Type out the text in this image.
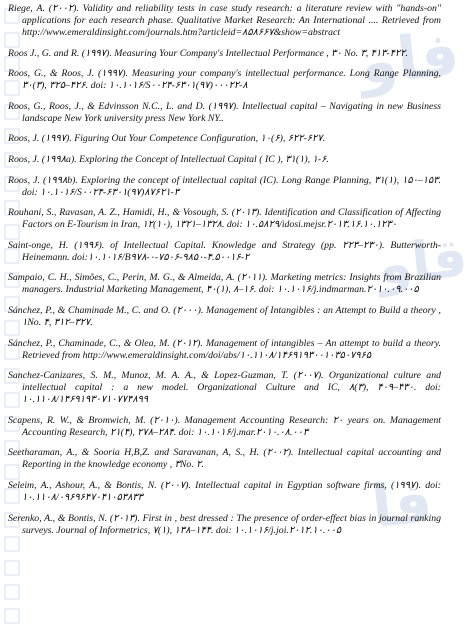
فاو
قاو
فا

Riege, A. (۲۰۰۲). Validity and reliability tests in case study research: a literature review with "hands-on" applications for each research phase. Qualitative Market Research: An International .... Retrieved from http://www.emeraldinsight.com/journals.htm?articleid=۸۵۸۶۶۷&show=abstract

Roos J., G. and R. (۱۹۹۷). Measuring Your Company's Intellectual Performance , ۳۰ No. ۳, ۴۱۳-۴۲۲.

Roos, G., & Roos, J. (۱۹۹۷). Measuring your company's intellectual performance. Long Range Planning, ۳۰(۳), ۳۲۵–۴۲۶. doi: ۱۰.۱۰۱۶/S۰۰۲۴-۶۳۰۱(۹۷)۰۰۰۲۲-۸

Roos, G., Roos, J., & Edvinsson N.C., L. and D. (۱۹۹۷). Intellectual capital – Navigating in new Business landscape New York university press New York NY..

Roos, J. (۱۹۹۷). Figuring Out Your Competence Configuration, ۱۰(۶), ۶۲۲-۶۲۷.

Roos, J. (۱۹۹۸a). Exploring the Concept of Intellectual Capital ( IC ), ۳۱(۱), ۱-۶.

Roos, J. (۱۹۹۸b). Exploring the concept of intellectual capital (IC). Long Range Planning, ۳۱(۱), ۱۵۰–۱۵۳. doi: ۱۰.۱۰۱۶/S۰۰۲۴-۶۳۰۱(۹۷)۸۷۶۲۱-۳

Rouhani, S., Ravasan, A. Z., Hamidi, H., & Vosough, S. (۲۰۱۳). Identification and Classification of Affecting Factors on E-Tourism in Iran, ۱۲(۱۰), ۱۳۲۱–۱۳۲۸. doi: ۱۰.۵۸۲۹/idosi.mejsr.۲۰۱۳.۱۶.۱۰.۱۲۳۰

Saint-onge, H. (۱۹۹۶). of Intellectual Capital. Knowledge and Strategy (pp. ۲۲۳–۲۳۰). Butterworth-Heinemann. doi:۱۰.۱۰۱۶/B۹۷۸-۰-۷۵۰۶-۹۸۵۰-۴.۵۰۰۱۶-۲

Sampaio, C. H., Simões, C., Perin, M. G., & Almeida, A. (۲۰۱۱). Marketing metrics: Insights from Brazilian managers. Industrial Marketing Management, ۴۰(۱), ۸–۱۶. doi: ۱۰.۱۰۱۶/j.indmarman.۲۰۱۰.۰۹.۰۰۵

Sánchez, P., & Chaminade M., C. and O. (۲۰۰۰). Management of Intangibles : an Attempt to Build a theory , ۱No. ۴, ۳۱۲–۳۲۷.

Sánchez, P., Chaminade, C., & Olea, M. (۲۰۱۲). Management of intangibles – An attempt to build a theory. Retrieved from http://www.emeraldinsight.com/doi/abs/۱۰.۱۱۰۸/۱۴۶۹۱۹۳۰۰۱۰۳۵۰۷۹۶۵

Sanchez-Canizares, S. M., Munoz, M. A. A., & Lopez-Guzman, T. (۲۰۰۷). Organizational culture and intellectual capital : a new model. Organizational Culture and IC, ۸(۳), ۴۰۹–۴۳۰. doi: ۱۰.۱۱۰۸/۱۴۶۹۱۹۳۰۷۱۰۷۷۴۸۹۹

Scapens, R. W., & Bromwich, M. (۲۰۱۰). Management Accounting Research: ۲۰ years on. Management Accounting Research, ۲۱(۴), ۲۷۸–۲۸۴. doi: ۱۰.۱۰۱۶/j.mar.۲۰۱۰.۰۸.۰۰۳

Seetharaman, A., & Sooria H,B,Z. and Saravanan, A, S., H. (۲۰۰۲). Intellectual capital accounting and Reporting in the knowledge economy , ۳No. ۲.

Seleim, A., Ashour, A., & Bontis, N. (۲۰۰۷). Intellectual capital in Egyptian software firms, (۱۹۹۷). doi: ۱۰.۱۱۰۸/۰۹۶۹۶۴۷۰۴۱۰۵۳۸۳۳

Serenko, A., & Bontis, N. (۲۰۱۳). First in , best dressed : The presence of order-effect bias in journal ranking surveys. Journal of Informetrics, ۷(۱), ۱۳۸–۱۴۴. doi: ۱۰.۱۰۱۶/j.joi.۲۰۱۲.۱۰.۰۰۵
